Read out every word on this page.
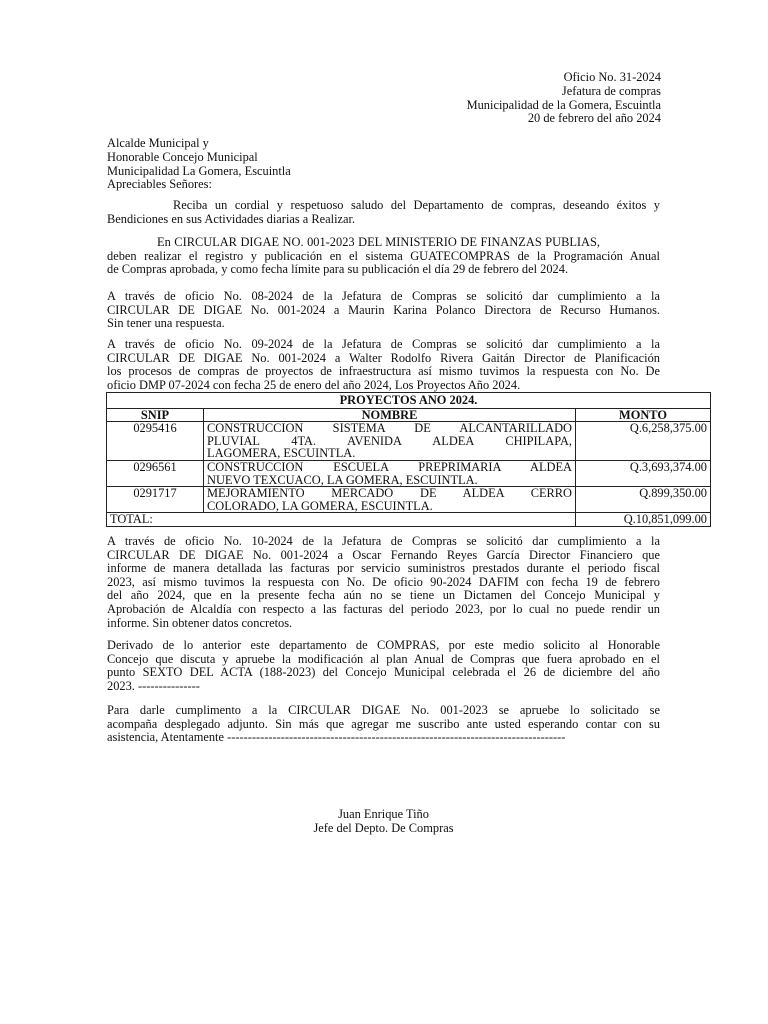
Oficio No. 31-2024
Jefatura de compras
Municipalidad de la Gomera, Escuintla
20 de febrero del año 2024
Alcalde Municipal y
Honorable Concejo Municipal
Municipalidad La Gomera, Escuintla
Apreciables Señores:
Reciba un cordial y respetuoso saludo del Departamento de compras, deseando éxitos y
Bendiciones en sus Actividades diarias a Realizar.
En CIRCULAR DIGAE NO. 001-2023 DEL MINISTERIO DE FINANZAS PUBLIAS,
deben realizar el registro y publicación en el sistema GUATECOMPRAS de la Programación Anual
de Compras aprobada, y como fecha límite para su publicación el día 29 de febrero del 2024.
A través de oficio No. 08-2024 de la Jefatura de Compras se solicitó dar cumplimiento a la
CIRCULAR DE DIGAE No. 001-2024 a Maurin Karina Polanco Directora de Recurso Humanos.
Sin tener una respuesta.
A través de oficio No. 09-2024 de la Jefatura de Compras se solicitó dar cumplimiento a la
CIRCULAR DE DIGAE No. 001-2024 a Walter Rodolfo Rivera Gaitán Director de Planificación
los procesos de compras de proyectos de infraestructura así mismo tuvimos la respuesta con No. De
oficio DMP 07-2024 con fecha 25 de enero del año 2024, Los Proyectos Año 2024.
PROYECTOS ANO 2024.		
SNIP	NOMBRE	MONTO
0295416	CONSTRUCCION SISTEMA DE ALCANTARILLADO
PLUVIAL 4TA. AVENIDA ALDEA CHIPILAPA,
LAGOMERA, ESCUINTLA.	Q.6,258,375.00
0296561	CONSTRUCCION ESCUELA PREPRIMARIA ALDEA
NUEVO TEXCUACO, LA GOMERA, ESCUINTLA.	Q.3,693,374.00
0291717	MEJORAMIENTO MERCADO DE ALDEA CERRO
COLORADO, LA GOMERA, ESCUINTLA.	Q.899,350.00
TOTAL:		Q.10,851,099.00
A través de oficio No. 10-2024 de la Jefatura de Compras se solicitó dar cumplimiento a la
CIRCULAR DE DIGAE No. 001-2024 a Oscar Fernando Reyes García Director Financiero que
informe de manera detallada las facturas por servicio suministros prestados durante el periodo fiscal
2023, así mismo tuvimos la respuesta con No. De oficio 90-2024 DAFIM con fecha 19 de febrero
del año 2024, que en la presente fecha aún no se tiene un Dictamen del Concejo Municipal y
Aprobación de Alcaldía con respecto a las facturas del periodo 2023, por lo cual no puede rendir un
informe. Sin obtener datos concretos.
Derivado de lo anterior este departamento de COMPRAS, por este medio solicito al Honorable
Concejo que discuta y apruebe la modificación al plan Anual de Compras que fuera aprobado en el
punto SEXTO DEL ACTA (188-2023) del Concejo Municipal celebrada el 26 de diciembre del año
2023. ---------------
Para darle cumplimento a la CIRCULAR DIGAE No. 001-2023 se apruebe lo solicitado se
acompaña desplegado adjunto. Sin más que agregar me suscribo ante usted esperando contar con su
asistencia, Atentamente ----------------------------------------------------------------------------------
Juan Enrique Tiño
Jefe del Depto. De Compras
